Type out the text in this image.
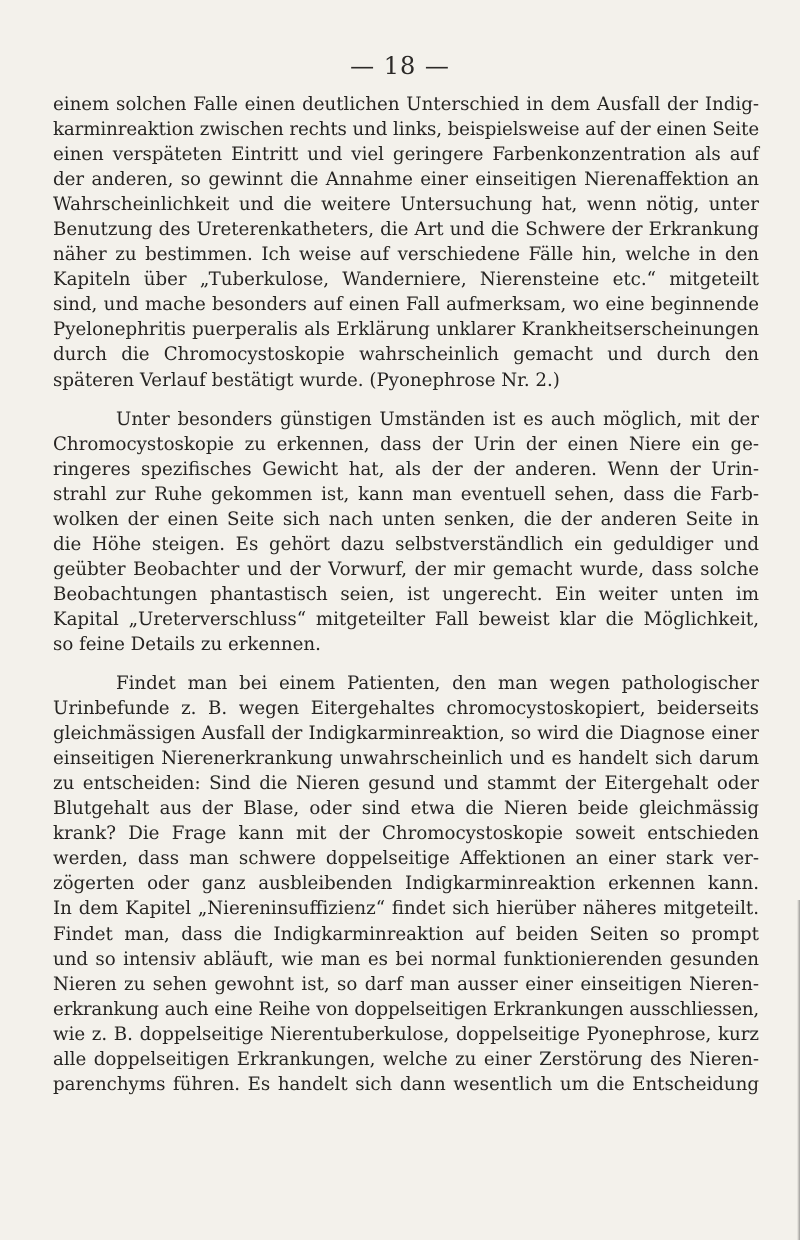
— 18 —
einem solchen Falle einen deutlichen Unterschied in dem Ausfall der Indig-
karminreaktion zwischen rechts und links, beispielsweise auf der einen Seite
einen verspäteten Eintritt und viel geringere Farbenkonzentration als auf
der anderen, so gewinnt die Annahme einer einseitigen Nierenaffektion an
Wahrscheinlichkeit und die weitere Untersuchung hat, wenn nötig, unter
Benutzung des Ureterenkatheters, die Art und die Schwere der Erkrankung
näher zu bestimmen. Ich weise auf verschiedene Fälle hin, welche in den
Kapiteln über „Tuberkulose, Wanderniere, Nierensteine etc.“ mitgeteilt
sind, und mache besonders auf einen Fall aufmerksam, wo eine beginnende
Pyelonephritis puerperalis als Erklärung unklarer Krankheitserscheinungen
durch die Chromocystoskopie wahrscheinlich gemacht und durch den
späteren Verlauf bestätigt wurde. (Pyonephrose Nr. 2.)
Unter besonders günstigen Umständen ist es auch möglich, mit der
Chromocystoskopie zu erkennen, dass der Urin der einen Niere ein ge-
ringeres spezifisches Gewicht hat, als der der anderen. Wenn der Urin-
strahl zur Ruhe gekommen ist, kann man eventuell sehen, dass die Farb-
wolken der einen Seite sich nach unten senken, die der anderen Seite in
die Höhe steigen. Es gehört dazu selbstverständlich ein geduldiger und
geübter Beobachter und der Vorwurf, der mir gemacht wurde, dass solche
Beobachtungen phantastisch seien, ist ungerecht. Ein weiter unten im
Kapital „Ureterverschluss“ mitgeteilter Fall beweist klar die Möglichkeit,
so feine Details zu erkennen.
Findet man bei einem Patienten, den man wegen pathologischer
Urinbefunde z. B. wegen Eitergehaltes chromocystoskopiert, beiderseits
gleichmässigen Ausfall der Indigkarminreaktion, so wird die Diagnose einer
einseitigen Nierenerkrankung unwahrscheinlich und es handelt sich darum
zu entscheiden: Sind die Nieren gesund und stammt der Eitergehalt oder
Blutgehalt aus der Blase, oder sind etwa die Nieren beide gleichmässig
krank? Die Frage kann mit der Chromocystoskopie soweit entschieden
werden, dass man schwere doppelseitige Affektionen an einer stark ver-
zögerten oder ganz ausbleibenden Indigkarminreaktion erkennen kann.
In dem Kapitel „Niereninsuffizienz“ findet sich hierüber näheres mitgeteilt.
Findet man, dass die Indigkarminreaktion auf beiden Seiten so prompt
und so intensiv abläuft, wie man es bei normal funktionierenden gesunden
Nieren zu sehen gewohnt ist, so darf man ausser einer einseitigen Nieren-
erkrankung auch eine Reihe von doppelseitigen Erkrankungen ausschliessen,
wie z. B. doppelseitige Nierentuberkulose, doppelseitige Pyonephrose, kurz
alle doppelseitigen Erkrankungen, welche zu einer Zerstörung des Nieren-
parenchyms führen. Es handelt sich dann wesentlich um die Entscheidung
